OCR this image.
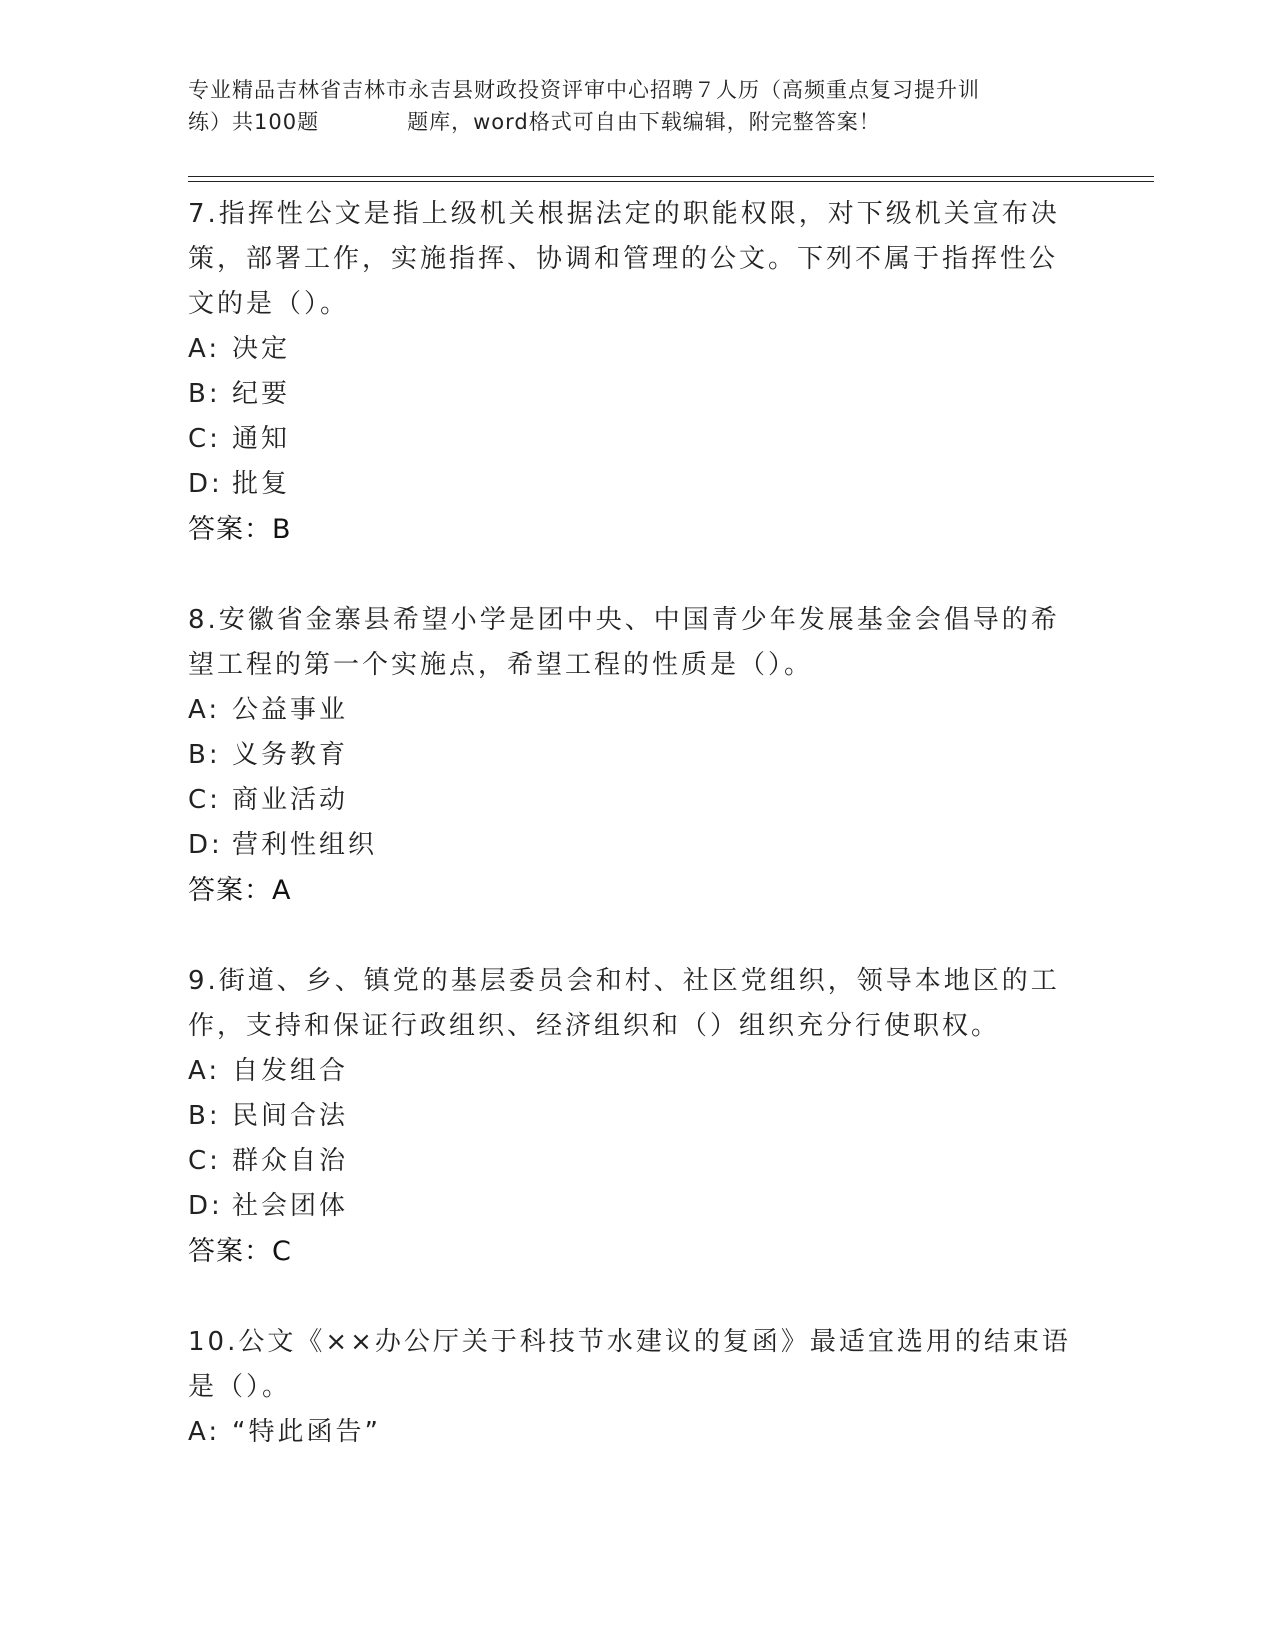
专业精品吉林省吉林市永吉县财政投资评审中心招聘７人历（高频重点复习提升训
练）共100题　　　　题库，word格式可自由下载编辑，附完整答案！
7.指挥性公文是指上级机关根据法定的职能权限，对下级机关宣布决
策，部署工作，实施指挥、协调和管理的公文。下列不属于指挥性公
文的是（）。
A: 决定
B: 纪要
C: 通知
D: 批复
答案：B
8.安徽省金寨县希望小学是团中央、中国青少年发展基金会倡导的希
望工程的第一个实施点，希望工程的性质是（）。
A: 公益事业
B: 义务教育
C: 商业活动
D: 营利性组织
答案：A
9.街道、乡、镇党的基层委员会和村、社区党组织，领导本地区的工
作，支持和保证行政组织、经济组织和（）组织充分行使职权。
A: 自发组合
B: 民间合法
C: 群众自治
D: 社会团体
答案：C
10.公文《××办公厅关于科技节水建议的复函》最适宜选用的结束语
是（）。
A: “特此函告”
